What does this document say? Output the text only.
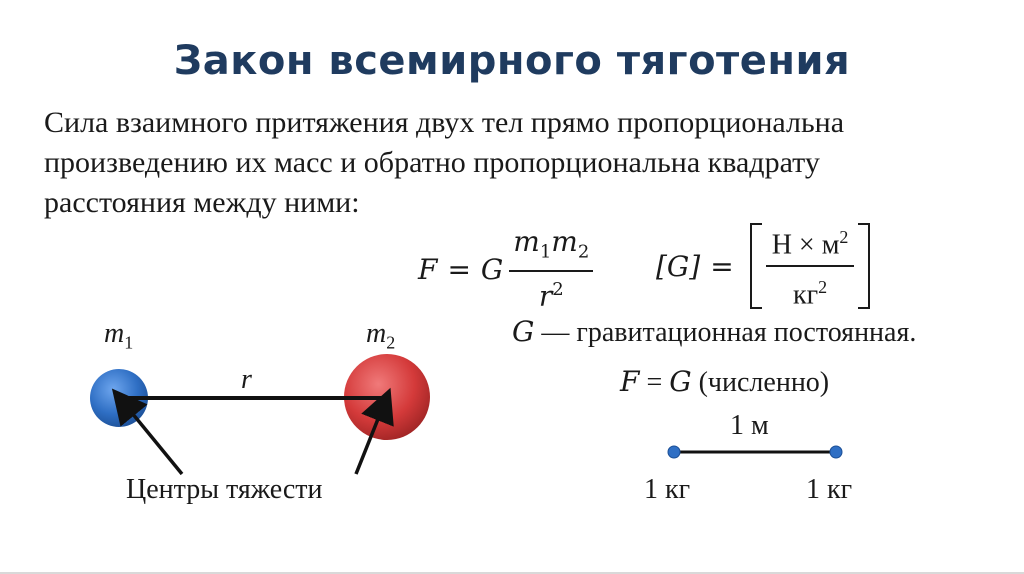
Закон всемирного тяготения
Сила взаимного притяжения двух тел прямо пропорциональна
произведению их масс и обратно пропорциональна квадрату
расстояния между ними:
F = G $\frac{m_1m_2}{r^2} [G] = \frac{Н \times м^2}{кг^2}$
G — гравитационная постоянная.
F = G (численно)
$m_1$	$m_2$
r
Центры тяжести
1 м
1 кг	1 кг
